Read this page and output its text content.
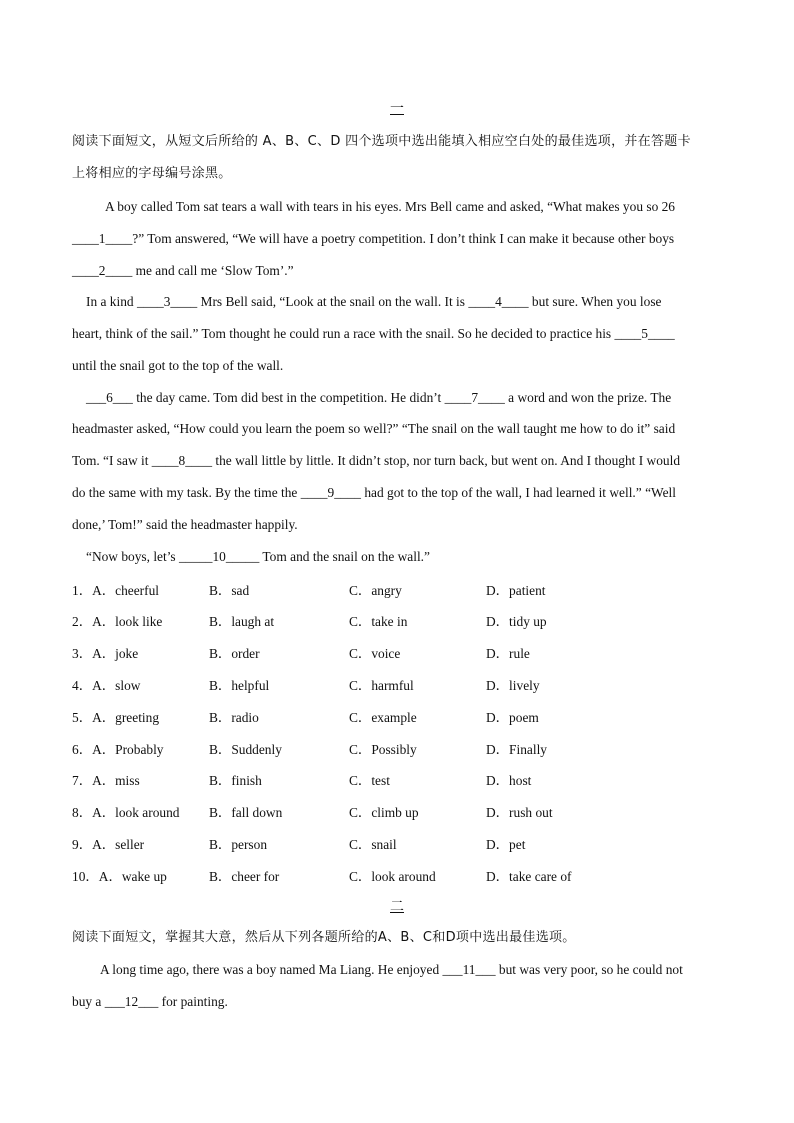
一
阅读下面短文，从短文后所给的 A、B、C、D 四个选项中选出能填入相应空白处的最佳选项，并在答题卡
上将相应的字母编号涂黑。
A boy called Tom sat tears a wall with tears in his eyes. Mrs Bell came and asked, “What makes you so 26
____1____?” Tom answered, “We will have a poetry competition. I don’t think I can make it because other boys
____2____ me and call me ‘Slow Tom’.”
In a kind ____3____ Mrs Bell said, “Look at the snail on the wall. It is ____4____ but sure. When you lose
heart, think of the sail.” Tom thought he could run a race with the snail. So he decided to practice his ____5____
until the snail got to the top of the wall.
___6___ the day came. Tom did best in the competition. He didn’t ____7____ a word and won the prize. The
headmaster asked, “How could you learn the poem so well?” “The snail on the wall taught me how to do it” said
Tom. “I saw it ____8____ the wall little by little. It didn’t stop, nor turn back, but went on. And I thought I would
do the same with my task. By the time the ____9____ had got to the top of the wall, I had learned it well.” “Well
done,’ Tom!” said the headmaster happily.
“Now boys, let’s _____10_____ Tom and the snail on the wall.”
1．A．cheerful	B．sad	C．angry	D．patient
2．A．look like	B．laugh at	C．take in	D．tidy up
3．A．joke	B．order	C．voice	D．rule
4．A．slow	B．helpful	C．harmful	D．lively
5．A．greeting	B．radio	C．example	D．poem
6．A．Probably	B．Suddenly	C．Possibly	D．Finally
7．A．miss	B．finish	C．test	D．host
8．A．look around B．fall down	C．climb up	D．rush out
9．A．seller	B．person	C．snail	D．pet
10．A．wake up	B．cheer for	C．look around	D．take care of
二
阅读下面短文，掌握其大意，然后从下列各题所给的A、B、C和D项中选出最佳选项。
A long time ago, there was a boy named Ma Liang. He enjoyed ___11___ but was very poor, so he could not
buy a ___12___ for painting.
